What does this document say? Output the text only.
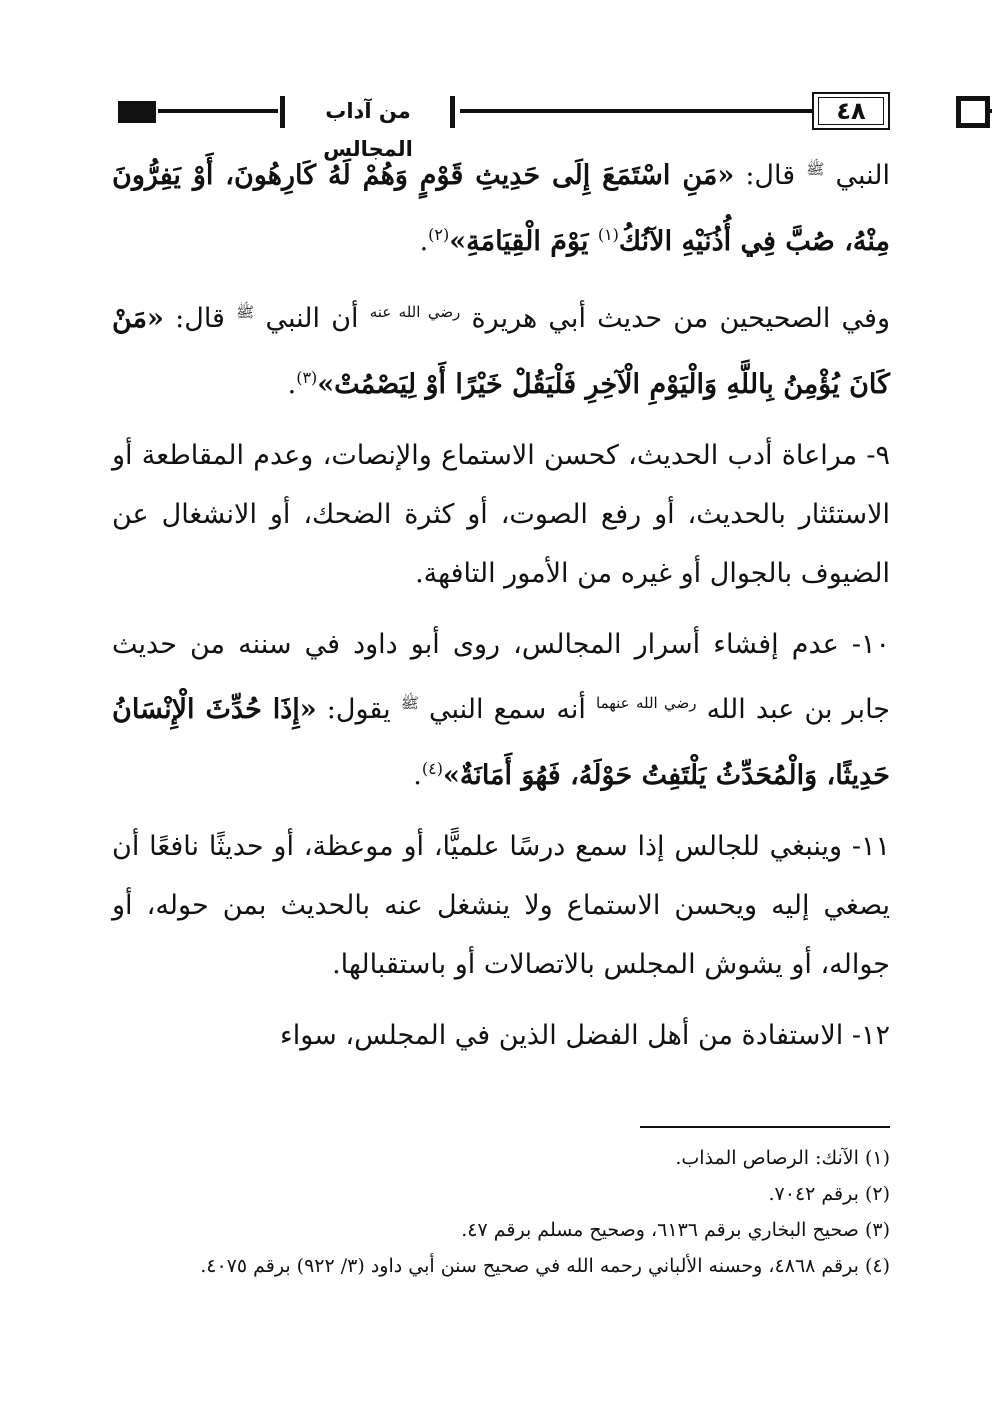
من آداب المجالس
٤٨

النبي $^ﷺ$ قال: «مَنِ اسْتَمَعَ إِلَى حَدِيثِ قَوْمٍ وَهُمْ لَهُ كَارِهُونَ، أَوْ يَفِرُّونَ مِنْهُ، صُبَّ فِي أُذُنَيْهِ الآنُكُ$^{(١)}$ يَوْمَ الْقِيَامَةِ»$^{(٢)}$.

وفي الصحيحين من حديث أبي هريرة $^{رضي الله عنه}$ أن النبي $^ﷺ$ قال: «مَنْ كَانَ يُؤْمِنُ بِاللَّهِ وَالْيَوْمِ الْآخِرِ فَلْيَقُلْ خَيْرًا أَوْ لِيَصْمُتْ»$^{(٣)}$.

٩- مراعاة أدب الحديث، كحسن الاستماع والإنصات، وعدم المقاطعة أو الاستئثار بالحديث، أو رفع الصوت، أو كثرة الضحك، أو الانشغال عن الضيوف بالجوال أو غيره من الأمور التافهة.

١٠- عدم إفشاء أسرار المجالس، روى أبو داود في سننه من حديث جابر بن عبد الله $^{رضي الله عنهما}$ أنه سمع النبي $^ﷺ$ يقول: «إِذَا حُدِّثَ الْإِنْسَانُ حَدِيثًا، وَالْمُحَدِّثُ يَلْتَفِتُ حَوْلَهُ، فَهُوَ أَمَانَةٌ»$^{(٤)}$.

١١- وينبغي للجالس إذا سمع درسًا علميًّا، أو موعظة، أو حديثًا نافعًا أن يصغي إليه ويحسن الاستماع ولا ينشغل عنه بالحديث بمن حوله، أو جواله، أو يشوش المجلس بالاتصالات أو باستقبالها.

١٢- الاستفادة من أهل الفضل الذين في المجلس، سواء

(١) الآنك: الرصاص المذاب.

(٢) برقم ٧٠٤٢.

(٣) صحيح البخاري برقم ٦١٣٦، وصحيح مسلم برقم ٤٧.

(٤) برقم ٤٨٦٨، وحسنه الألباني رحمه الله في صحيح سنن أبي داود (٣/ ٩٢٢) برقم ٤٠٧٥.
